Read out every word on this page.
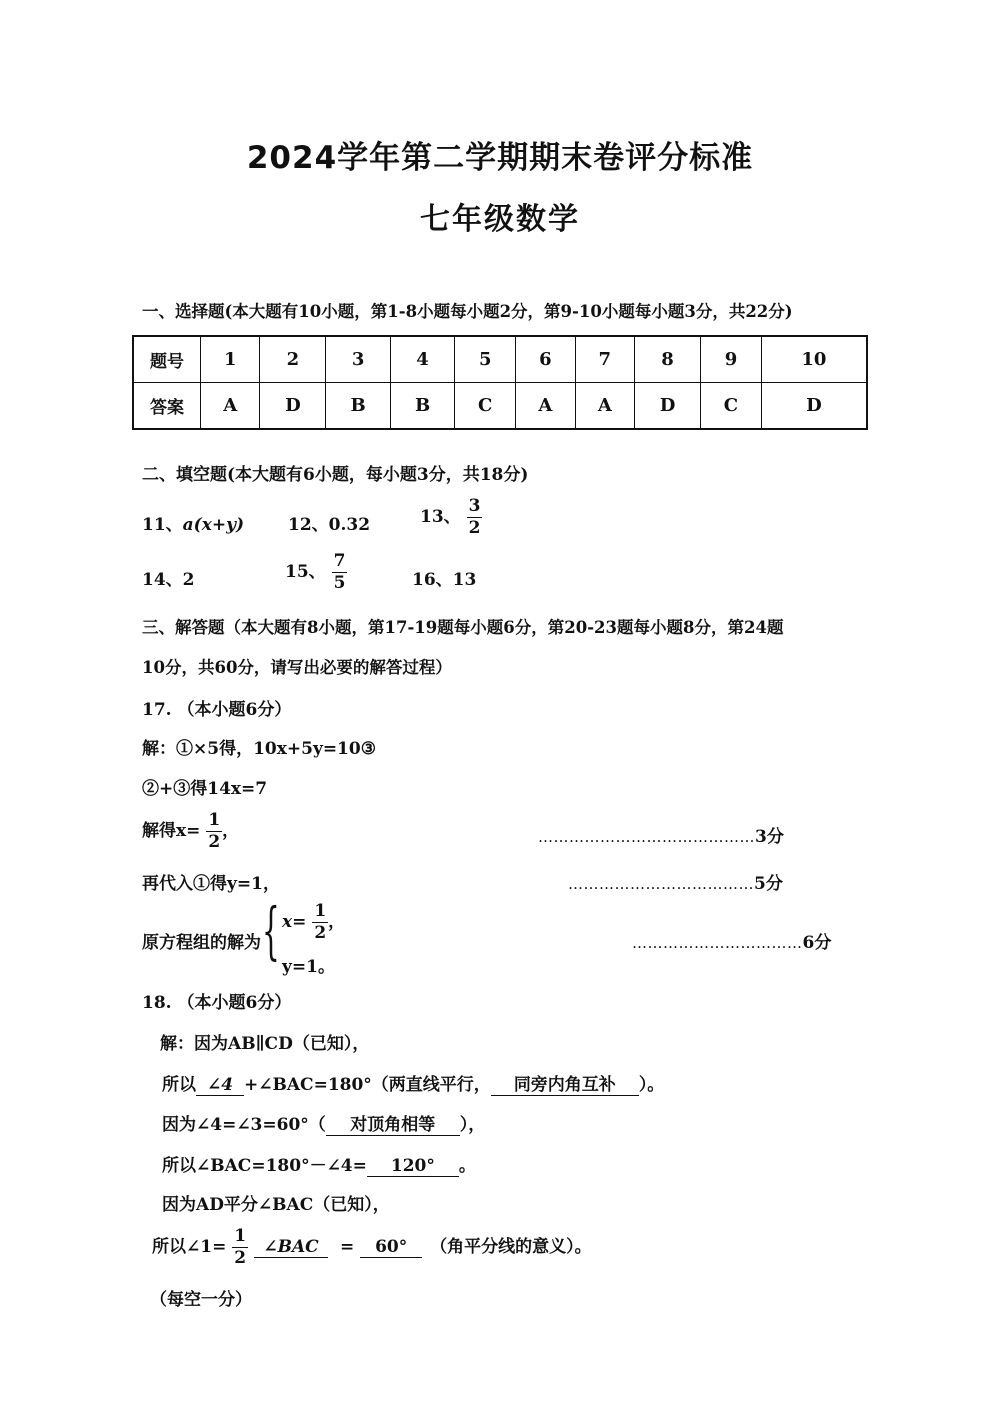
2024学年第二学期期末卷评分标准
七年级数学
一、选择题(本大题有10小题，第1-8小题每小题2分，第9-10小题每小题3分，共22分)
题号	1	2	3	4	5	6	7	8	9	10
答案	A	D	B	B	C	A	A	D	C	D
二、填空题(本大题有6小题，每小题3分，共18分)
11、a(x+y)	12、0.32	13、 $\frac{3}{2}$
14、2	15、 $\frac{7}{5}$	16、13
三、解答题（本大题有8小题，第17-19题每小题6分，第20-23题每小题8分，第24题
10分，共60分，请写出必要的解答过程）
17. （本小题6分）
解：①×5得，10x+5y=10③
②+③得14x=7
解得$x= \frac{1}{2}$ ，	……………………………………3分
再代入①得y=1，	………………………………5分
原方程组的解为 { $x= \frac{1}{2}$ ，
y=1。
……………………………6分
18. （本小题6分）
解：因为AB∥CD（已知），
所以 ∠4 +∠BAC=180°（两直线平行， 同旁内角互补 ）。
因为∠4=∠3=60°（ 对顶角相等 ），
所以∠BAC=180°－∠4= 120° 。
因为AD平分∠BAC（已知），
所以∠1= $\frac{1}{2}$ ∠BAC = 60° （角平分线的意义）。
（每空一分）
